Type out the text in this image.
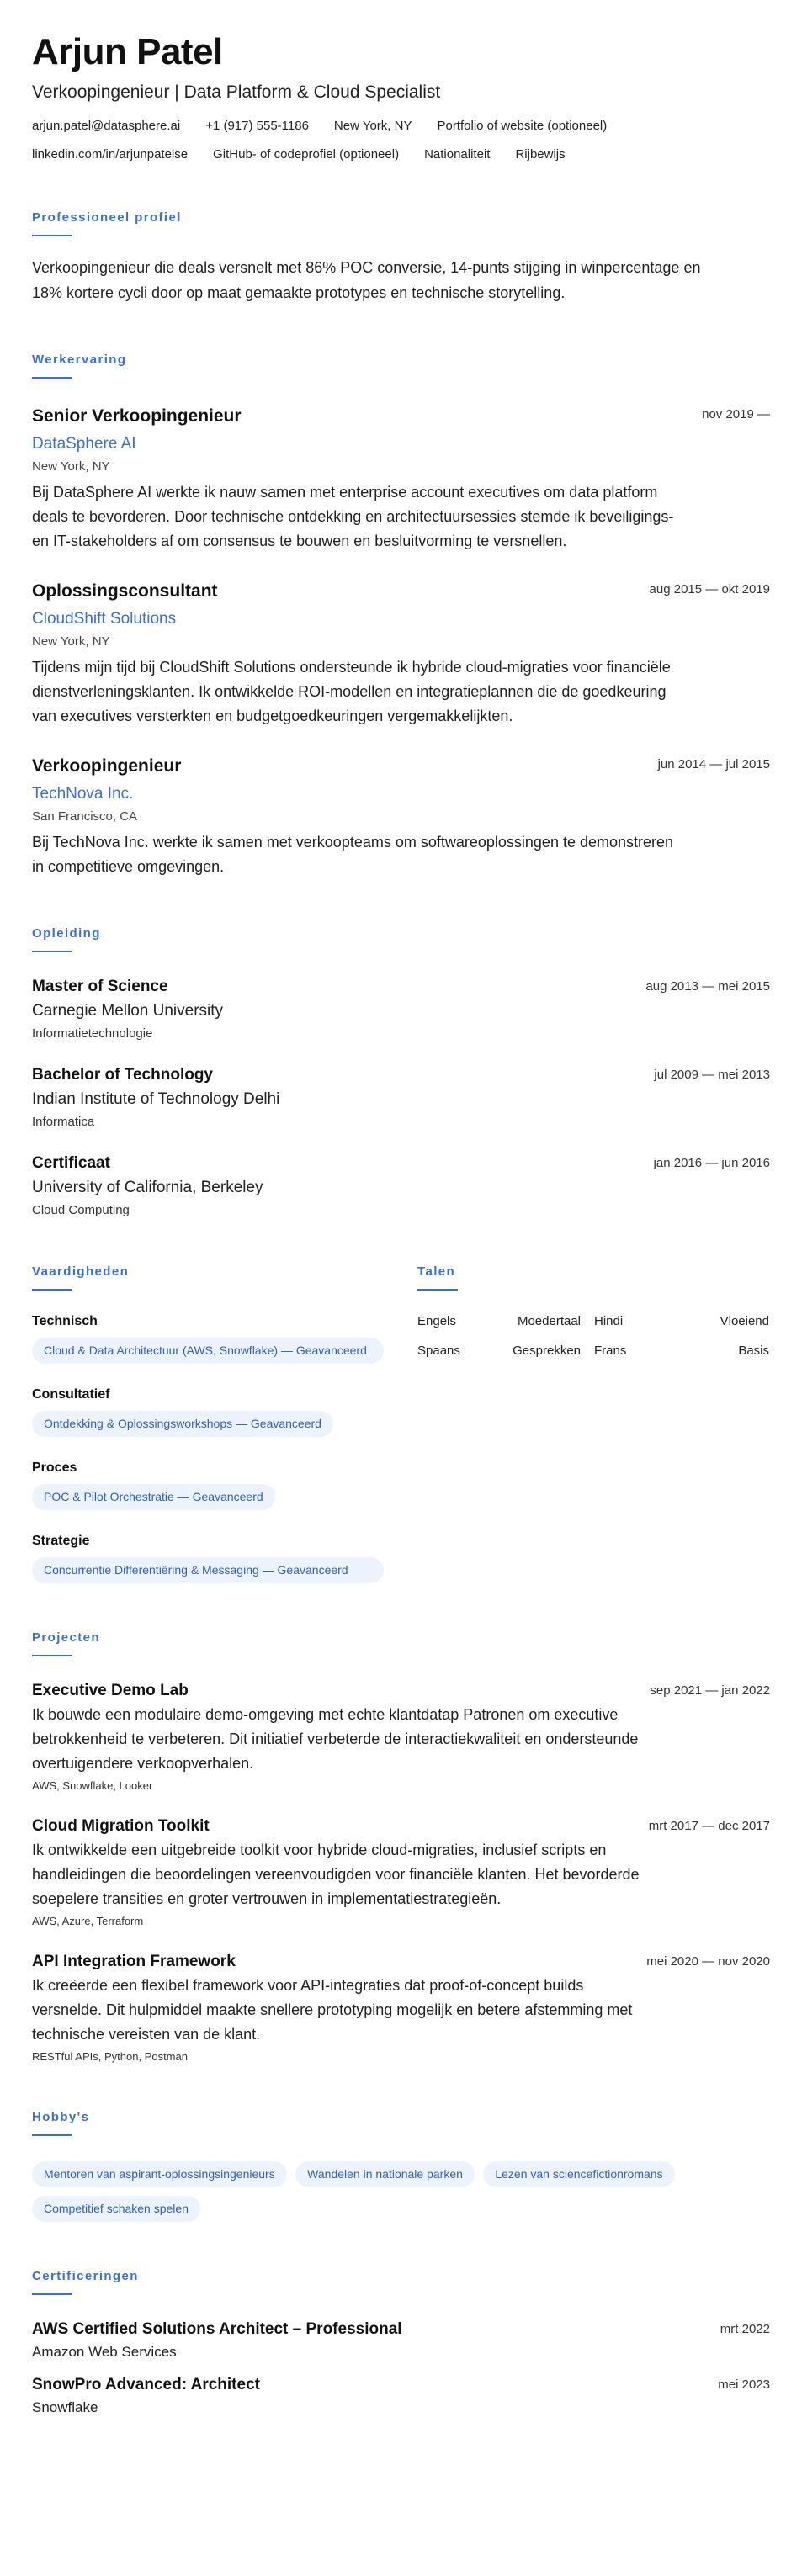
Arjun Patel
Verkoopingenieur | Data Platform & Cloud Specialist
arjun.patel@datasphere.ai +1 (917) 555-1186 New York, NY Portfolio of website (optioneel)
linkedin.com/in/arjunpatelse GitHub- of codeprofiel (optioneel) Nationaliteit Rijbewijs
Professioneel profiel

Verkoopingenieur die deals versnelt met 86% POC conversie, 14-punts stijging in winpercentage en 18% kortere cycli door op maat gemaakte prototypes en technische storytelling.

Werkervaring
Senior Verkoopingenieur	nov 2019 —
DataSphere AI
New York, NY

Bij DataSphere AI werkte ik nauw samen met enterprise account executives om data platform deals te bevorderen. Door technische ontdekking en architectuursessies stemde ik beveiligings- en IT-stakeholders af om consensus te bouwen en besluitvorming te versnellen.

Oplossingsconsultant	aug 2015 — okt 2019
CloudShift Solutions
New York, NY

Tijdens mijn tijd bij CloudShift Solutions ondersteunde ik hybride cloud-migraties voor financiële dienstverleningsklanten. Ik ontwikkelde ROI-modellen en integratieplannen die de goedkeuring van executives versterkten en budgetgoedkeuringen vergemakkelijkten.

Verkoopingenieur	jun 2014 — jul 2015
TechNova Inc.
San Francisco, CA

Bij TechNova Inc. werkte ik samen met verkoopteams om softwareoplossingen te demonstreren in competitieve omgevingen.

Opleiding
Master of Science	aug 2013 — mei 2015
Carnegie Mellon University
Informatietechnologie
Bachelor of Technology	jul 2009 — mei 2013
Indian Institute of Technology Delhi
Informatica
Certificaat	jan 2016 — jun 2016
University of California, Berkeley
Cloud Computing
Vaardigheden
Technisch
Cloud & Data Architectuur (AWS, Snowflake) — Geavanceerd
Consultatief
Ontdekking & Oplossingsworkshops — Geavanceerd
Proces
POC & Pilot Orchestratie — Geavanceerd
Strategie
Concurrentie Differentiëring & Messaging — Geavanceerd
Talen
Engels	Moedertaal	Hindi	Vloeiend
Spaans	Gesprekken	Frans	Basis
Projecten
Executive Demo Lab	sep 2021 — jan 2022

Ik bouwde een modulaire demo-omgeving met echte klantdatap Patronen om executive betrokkenheid te verbeteren. Dit initiatief verbeterde de interactiekwaliteit en ondersteunde overtuigendere verkoopverhalen.

AWS, Snowflake, Looker
Cloud Migration Toolkit	mrt 2017 — dec 2017

Ik ontwikkelde een uitgebreide toolkit voor hybride cloud-migraties, inclusief scripts en handleidingen die beoordelingen vereenvoudigden voor financiële klanten. Het bevorderde soepelere transities en groter vertrouwen in implementatiestrategieën.

AWS, Azure, Terraform
API Integration Framework	mei 2020 — nov 2020

Ik creëerde een flexibel framework voor API-integraties dat proof-of-concept builds versnelde. Dit hulpmiddel maakte snellere prototyping mogelijk en betere afstemming met technische vereisten van de klant.

RESTful APIs, Python, Postman
Hobby's
Mentoren van aspirant-oplossingsingenieurs	Wandelen in nationale parken	Lezen van sciencefictionromans Competitief schaken spelen
Certificeringen
AWS Certified Solutions Architect – Professional	mrt 2022
Amazon Web Services
SnowPro Advanced: Architect	mei 2023
Snowflake
